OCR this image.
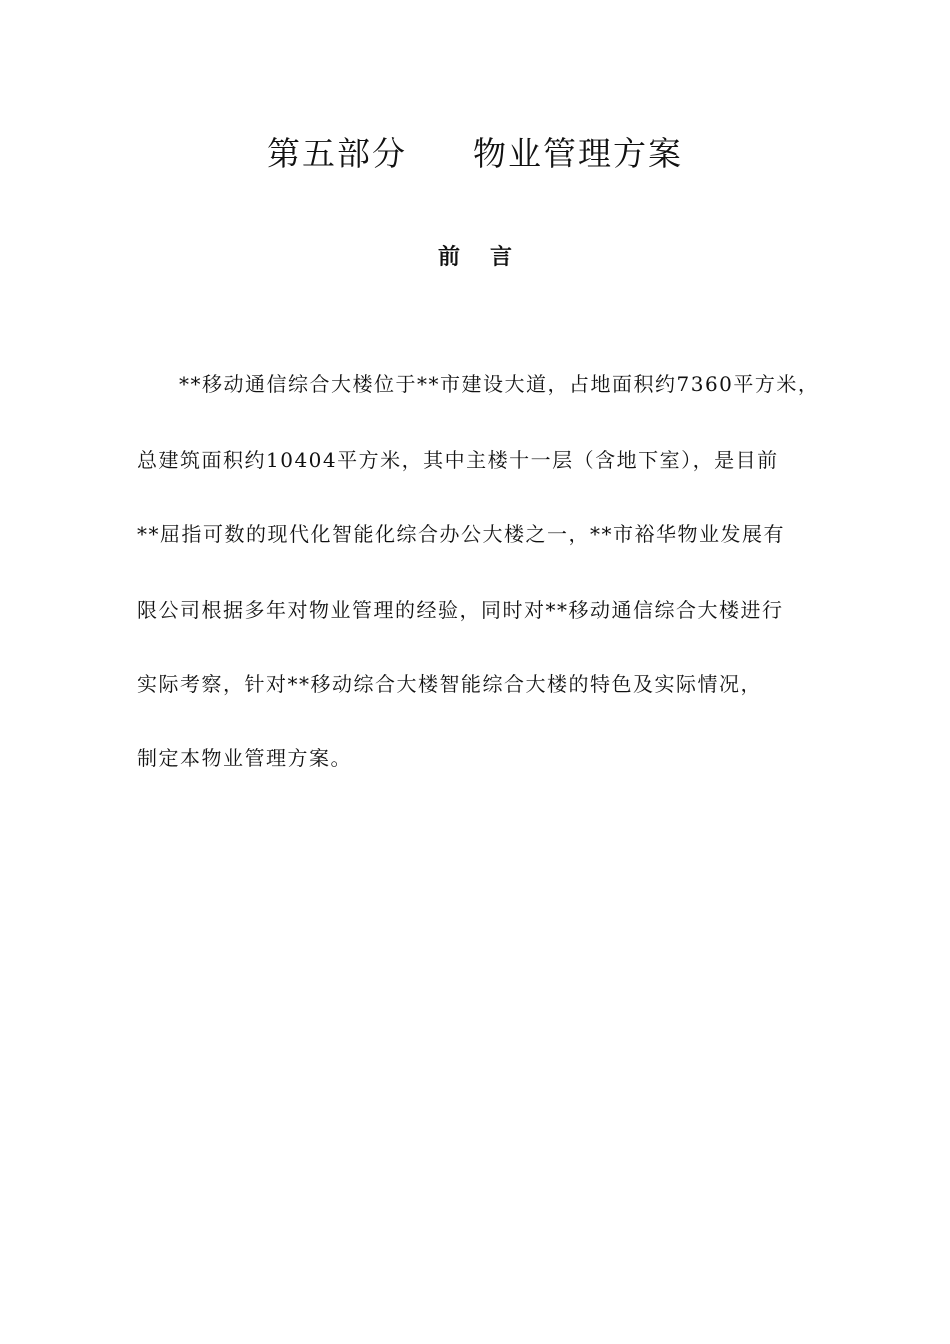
第五部分 物业管理方案
前言
**移动通信综合大楼位于**市建设大道，占地面积约7360平方米，
总建筑面积约10404平方米，其中主楼十一层（含地下室），是目前
**屈指可数的现代化智能化综合办公大楼之一，**市裕华物业发展有
限公司根据多年对物业管理的经验，同时对**移动通信综合大楼进行
实际考察，针对**移动综合大楼智能综合大楼的特色及实际情况，
制定本物业管理方案。
